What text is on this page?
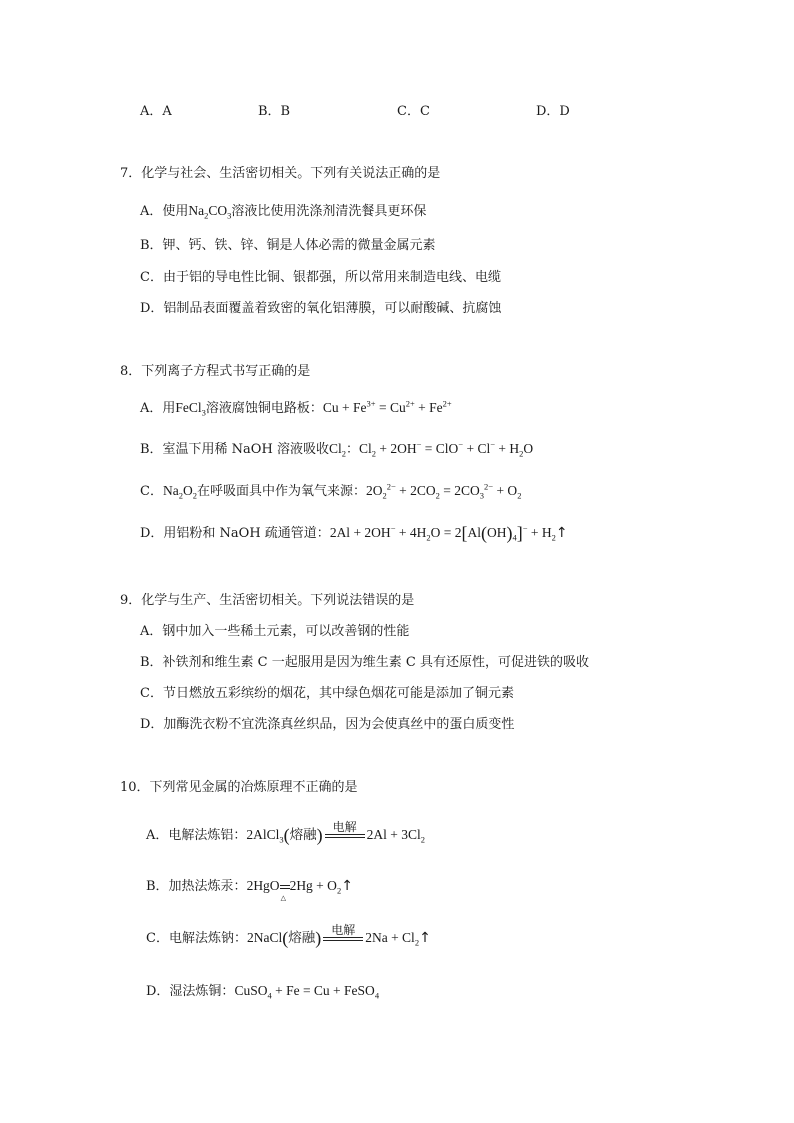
A．A	B．B	C．C	D．D
7．化学与社会、生活密切相关。下列有关说法正确的是
A．使用$Na_2CO_3$溶液比使用洗涤剂清洗餐具更环保
B．钾、钙、铁、锌、铜是人体必需的微量金属元素
C．由于铝的导电性比铜、银都强，所以常用来制造电线、电缆
D．铝制品表面覆盖着致密的氧化铝薄膜，可以耐酸碱、抗腐蚀
8．下列离子方程式书写正确的是
A．用FeCl$_3$溶液腐蚀铜电路板：$Cu + Fe^{3+} = Cu^{2+} + Fe^{2+}$
B．室温下用稀 NaOH 溶液吸收$Cl_2$：$Cl_2 + 2OH^- = ClO^- + Cl^- + H_2O$
C．$Na_2O_2$在呼吸面具中作为氧气来源：$2O_2^{2-} + 2CO_2 = 2CO_3^{2-} + O_2$
D．用铝粉和 NaOH 疏通管道：$2Al + 2OH^- + 4H_2O = 2[Al(OH)_4]^-$ + $H_2↑$
9．化学与生产、生活密切相关。下列说法错误的是
A．钢中加入一些稀土元素，可以改善钢的性能
B．补铁剂和维生素 C 一起服用是因为维生素 C 具有还原性，可促进铁的吸收
C．节日燃放五彩缤纷的烟花，其中绿色烟花可能是添加了铜元素
D．加酶洗衣粉不宜洗涤真丝织品，因为会使真丝中的蛋白质变性
10．下列常见金属的冶炼原理不正确的是
A．电解法炼铝：2AlCl$_3$(熔融) 电解
$2Al + 3Cl_2$
B．加热法炼汞：2HgO
△
$2Hg + O_2↑$
C．电解法炼钠：2NaCl(熔融) 电解
$2Na + Cl_2↑$
D．湿法炼铜：CuSO$_4$ + Fe = Cu + FeSO$_4$
